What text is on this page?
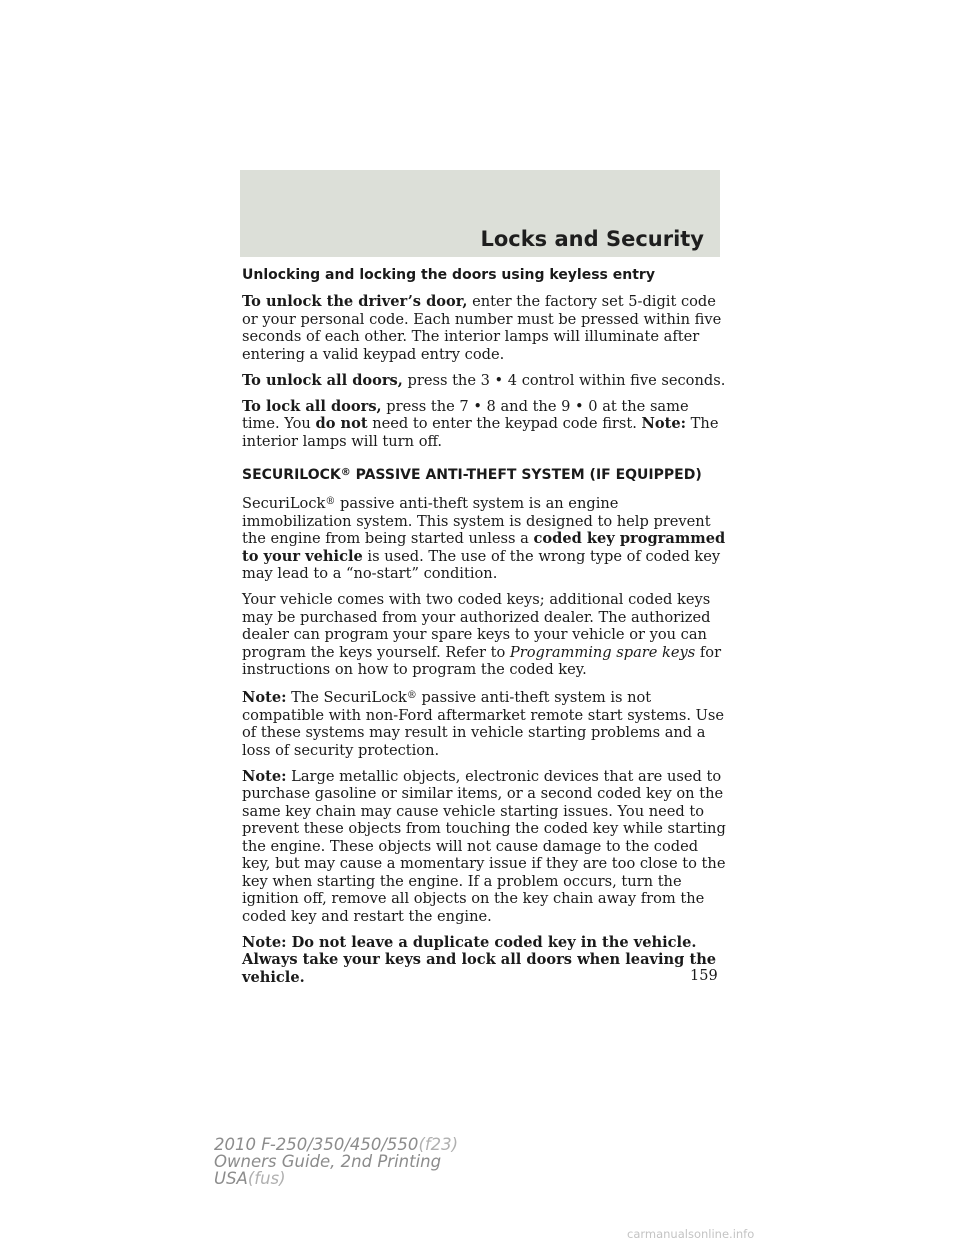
Locks and Security
Unlocking and locking the doors using keyless entry

To unlock the driver’s door, enter the factory set 5-digit code or your personal code. Each number must be pressed within five seconds of each other. The interior lamps will illuminate after entering a valid keypad entry code.

To unlock all doors, press the 3 • 4 control within five seconds.

To lock all doors, press the 7 • 8 and the 9 • 0 at the same time. You do not need to enter the keypad code first. Note: The interior lamps will turn off.

SECURILOCK® PASSIVE ANTI-THEFT SYSTEM (IF EQUIPPED)

SecuriLock® passive anti-theft system is an engine immobilization system. This system is designed to help prevent the engine from being started unless a coded key programmed to your vehicle is used. The use of the wrong type of coded key may lead to a “no-start” condition.

Your vehicle comes with two coded keys; additional coded keys may be purchased from your authorized dealer. The authorized dealer can program your spare keys to your vehicle or you can program the keys yourself. Refer to Programming spare keys for instructions on how to program the coded key.

Note: The SecuriLock® passive anti-theft system is not compatible with non-Ford aftermarket remote start systems. Use of these systems may result in vehicle starting problems and a loss of security protection.

Note: Large metallic objects, electronic devices that are used to purchase gasoline or similar items, or a second coded key on the same key chain may cause vehicle starting issues. You need to prevent these objects from touching the coded key while starting the engine. These objects will not cause damage to the coded key, but may cause a momentary issue if they are too close to the key when starting the engine. If a problem occurs, turn the ignition off, remove all objects on the key chain away from the coded key and restart the engine.

Note: Do not leave a duplicate coded key in the vehicle. Always take your keys and lock all doors when leaving the vehicle.	159
2010 F-250/350/450/550(f23)
Owners Guide, 2nd Printing
USA(fus)
carmanualsonline.info
